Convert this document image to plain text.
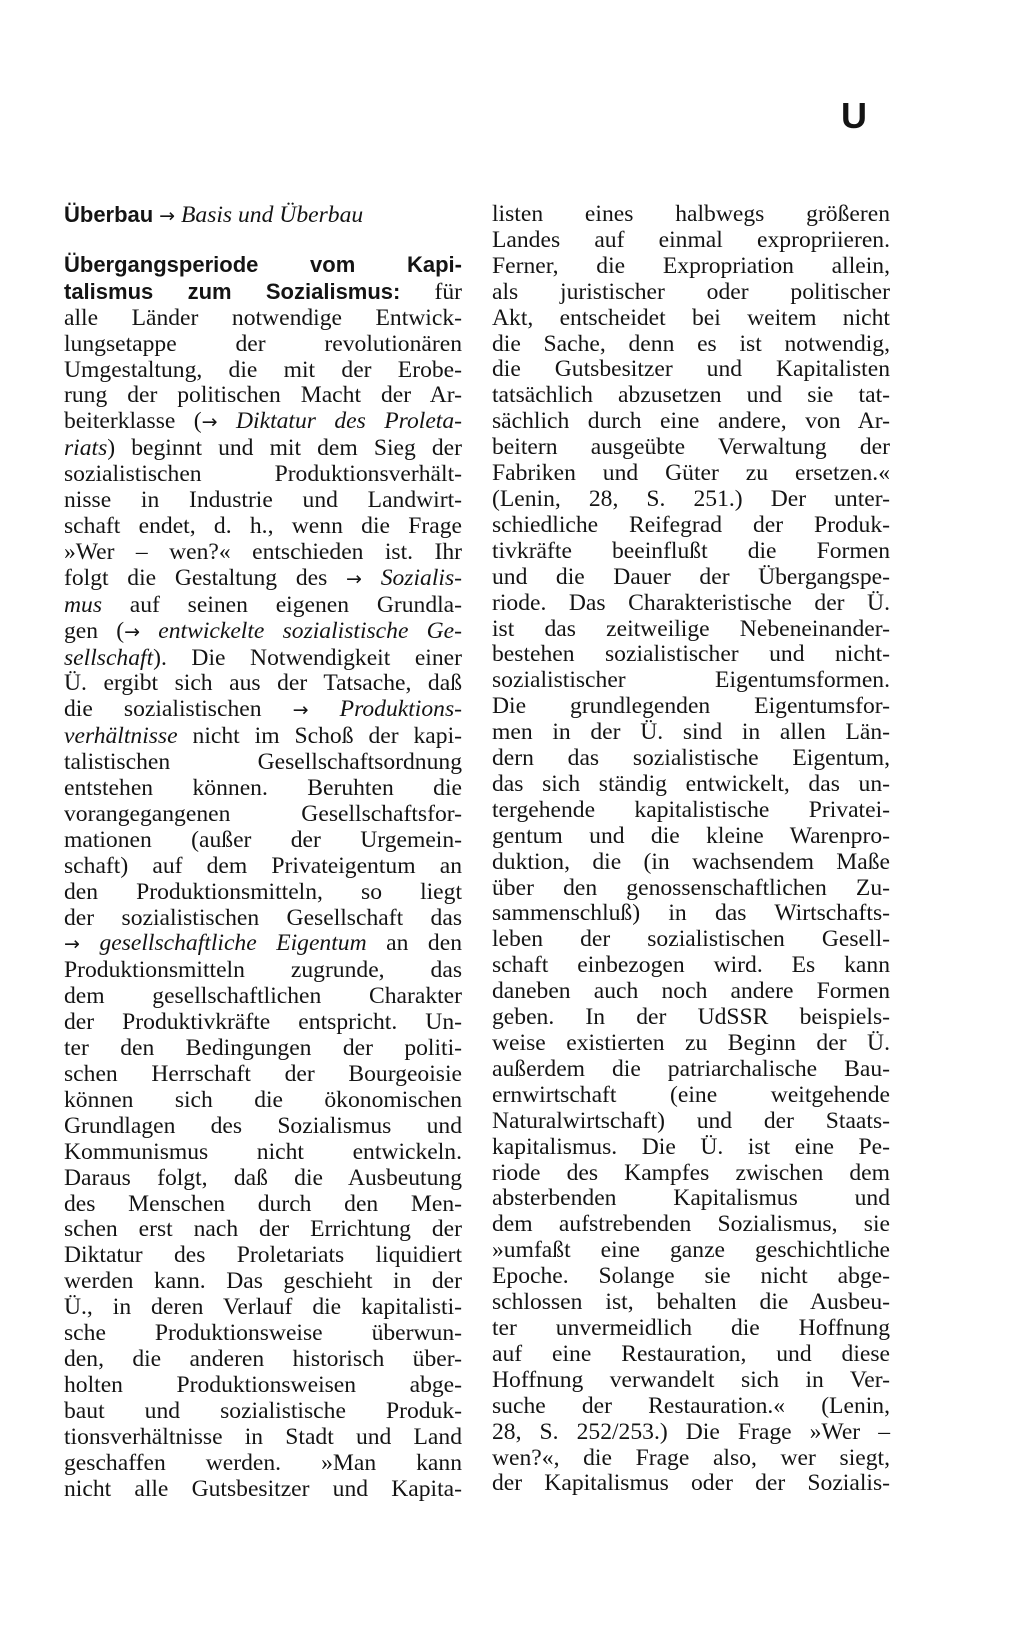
U
Überbau → Basis und Überbau
Übergangsperiode vom Kapi-
talismus zum Sozialismus: für
alle Länder notwendige Entwick-
lungsetappe der revolutionären
Umgestaltung, die mit der Erobe-
rung der politischen Macht der Ar-
beiterklasse (→ Diktatur des Proleta-
riats) beginnt und mit dem Sieg der
sozialistischen Produktionsverhält-
nisse in Industrie und Landwirt-
schaft endet, d. h., wenn die Frage
»Wer – wen?« entschieden ist. Ihr
folgt die Gestaltung des → Sozialis-
mus auf seinen eigenen Grundla-
gen (→ entwickelte sozialistische Ge-
sellschaft). Die Notwendigkeit einer
Ü. ergibt sich aus der Tatsache, daß
die sozialistischen → Produktions-
verhältnisse nicht im Schoß der kapi-
talistischen Gesellschaftsordnung
entstehen können. Beruhten die
vorangegangenen Gesellschaftsfor-
mationen (außer der Urgemein-
schaft) auf dem Privateigentum an
den Produktionsmitteln, so liegt
der sozialistischen Gesellschaft das
→ gesellschaftliche Eigentum an den
Produktionsmitteln zugrunde, das
dem gesellschaftlichen Charakter
der Produktivkräfte entspricht. Un-
ter den Bedingungen der politi-
schen Herrschaft der Bourgeoisie
können sich die ökonomischen
Grundlagen des Sozialismus und
Kommunismus nicht entwickeln.
Daraus folgt, daß die Ausbeutung
des Menschen durch den Men-
schen erst nach der Errichtung der
Diktatur des Proletariats liquidiert
werden kann. Das geschieht in der
Ü., in deren Verlauf die kapitalisti-
sche Produktionsweise überwun-
den, die anderen historisch über-
holten Produktionsweisen abge-
baut und sozialistische Produk-
tionsverhältnisse in Stadt und Land
geschaffen werden. »Man kann
nicht alle Gutsbesitzer und Kapita-
listen eines halbwegs größeren
Landes auf einmal expropriieren.
Ferner, die Expropriation allein,
als juristischer oder politischer
Akt, entscheidet bei weitem nicht
die Sache, denn es ist notwendig,
die Gutsbesitzer und Kapitalisten
tatsächlich abzusetzen und sie tat-
sächlich durch eine andere, von Ar-
beitern ausgeübte Verwaltung der
Fabriken und Güter zu ersetzen.«
(Lenin, 28, S. 251.) Der unter-
schiedliche Reifegrad der Produk-
tivkräfte beeinflußt die Formen
und die Dauer der Übergangspe-
riode. Das Charakteristische der Ü.
ist das zeitweilige Nebeneinander-
bestehen sozialistischer und nicht-
sozialistischer Eigentumsformen.
Die grundlegenden Eigentumsfor-
men in der Ü. sind in allen Län-
dern das sozialistische Eigentum,
das sich ständig entwickelt, das un-
tergehende kapitalistische Privatei-
gentum und die kleine Warenpro-
duktion, die (in wachsendem Maße
über den genossenschaftlichen Zu-
sammenschluß) in das Wirtschafts-
leben der sozialistischen Gesell-
schaft einbezogen wird. Es kann
daneben auch noch andere Formen
geben. In der UdSSR beispiels-
weise existierten zu Beginn der Ü.
außerdem die patriarchalische Bau-
ernwirtschaft (eine weitgehende
Naturalwirtschaft) und der Staats-
kapitalismus. Die Ü. ist eine Pe-
riode des Kampfes zwischen dem
absterbenden Kapitalismus und
dem aufstrebenden Sozialismus, sie
»umfaßt eine ganze geschichtliche
Epoche. Solange sie nicht abge-
schlossen ist, behalten die Ausbeu-
ter unvermeidlich die Hoffnung
auf eine Restauration, und diese
Hoffnung verwandelt sich in Ver-
suche der Restauration.« (Lenin,
28, S. 252/253.) Die Frage »Wer –
wen?«, die Frage also, wer siegt,
der Kapitalismus oder der Sozialis-
